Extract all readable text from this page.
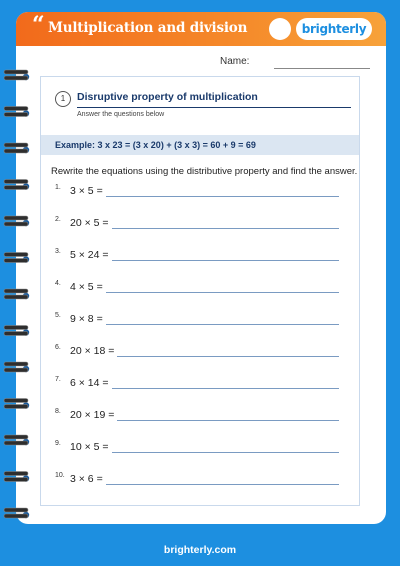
“ Multiplication and division	brighterly
Name:
1	Disruptive property of multiplication
Answer the questions below
Example: 3 x 23 = (3 x 20) + (3 x 3) = 60 + 9 = 69
Rewrite the equations using the distributive property and find the answer.
1. 3 × 5 =
2. 20 × 5 =
3. 5 × 24 =
4. 4 × 5 =
5. 9 × 8 =
6. 20 × 18 =
7. 6 × 14 =
8. 20 × 19 =
9. 10 × 5 =
10. 3 × 6 =
brighterly.com
